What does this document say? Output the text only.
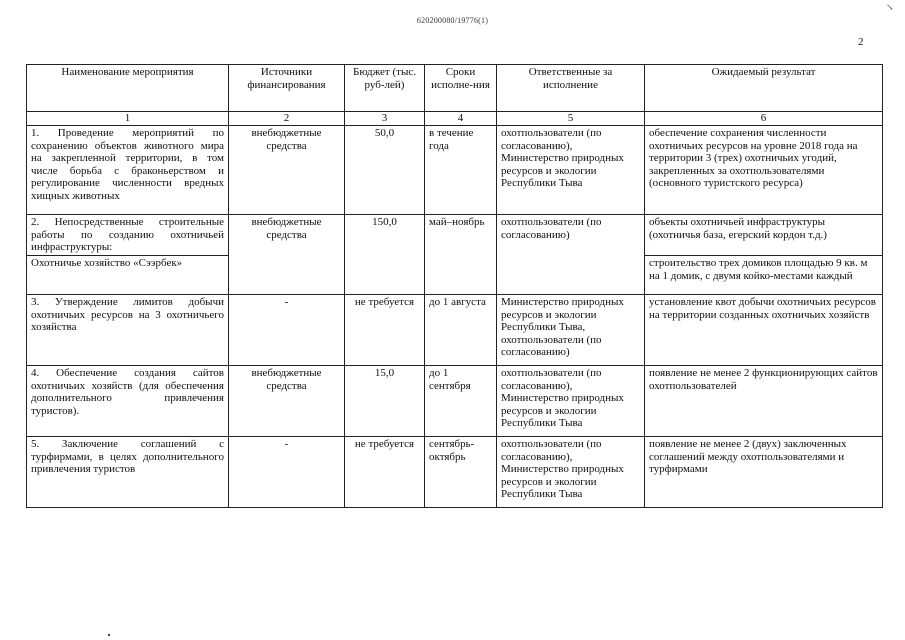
↘
620200080/19776(1)
2
Наименование мероприятия	Источники финансирования	Бюджет (тыс. руб-лей)	Сроки исполне-ния	Ответственные за исполнение	Ожидаемый результат
1	2	3	4	5	6
1. Проведение мероприятий по сохранению объектов животного мира на закрепленной территории, в том числе борьба с браконьерством и регулирование численности вредных хищных животных	внебюджетные средства	50,0	в течение года	охотпользователи (по согласованию), Министерство природных ресурсов и экологии Республики Тыва	обеспечение сохранения численности охотничьих ресурсов на уровне 2018 года на территории 3 (трех) охотничьих угодий, закрепленных за охотпользователями (основного туристского ресурса)
2. Непосредственные строительные работы по созданию охотничьей инфраструктуры:	внебюджетные средства	150,0	май–ноябрь	охотпользователи (по согласованию)	объекты охотничьей инфраструктуры (охотничья база, егерский кордон т.д.)
Охотничье хозяйство «Сээрбек»					строительство трех домиков площадью 9 кв. м на 1 домик, с двумя койко-местами каждый
3. Утверждение лимитов добычи охотничьих ресурсов на 3 охотничьего хозяйства	-	не требуется	до 1 августа	Министерство природных ресурсов и экологии Республики Тыва, охотпользователи (по согласованию)	установление квот добычи охотничьих ресурсов на территории созданных охотничьих хозяйств
4. Обеспечение создания сайтов охотничьих хозяйств (для обеспечения дополнительного привлечения туристов).	внебюджетные средства	15,0	до 1 сентября	охотпользователи (по согласованию), Министерство природных ресурсов и экологии Республики Тыва	появление не менее 2 функционирующих сайтов охотпользователей
5. Заключение соглашений с турфирмами, в целях дополнительного привлечения туристов	-	не требуется	сентябрь-октябрь	охотпользователи (по согласованию), Министерство природных ресурсов и экологии Республики Тыва	появление не менее 2 (двух) заключенных соглашений между охотпользователями и турфирмами
